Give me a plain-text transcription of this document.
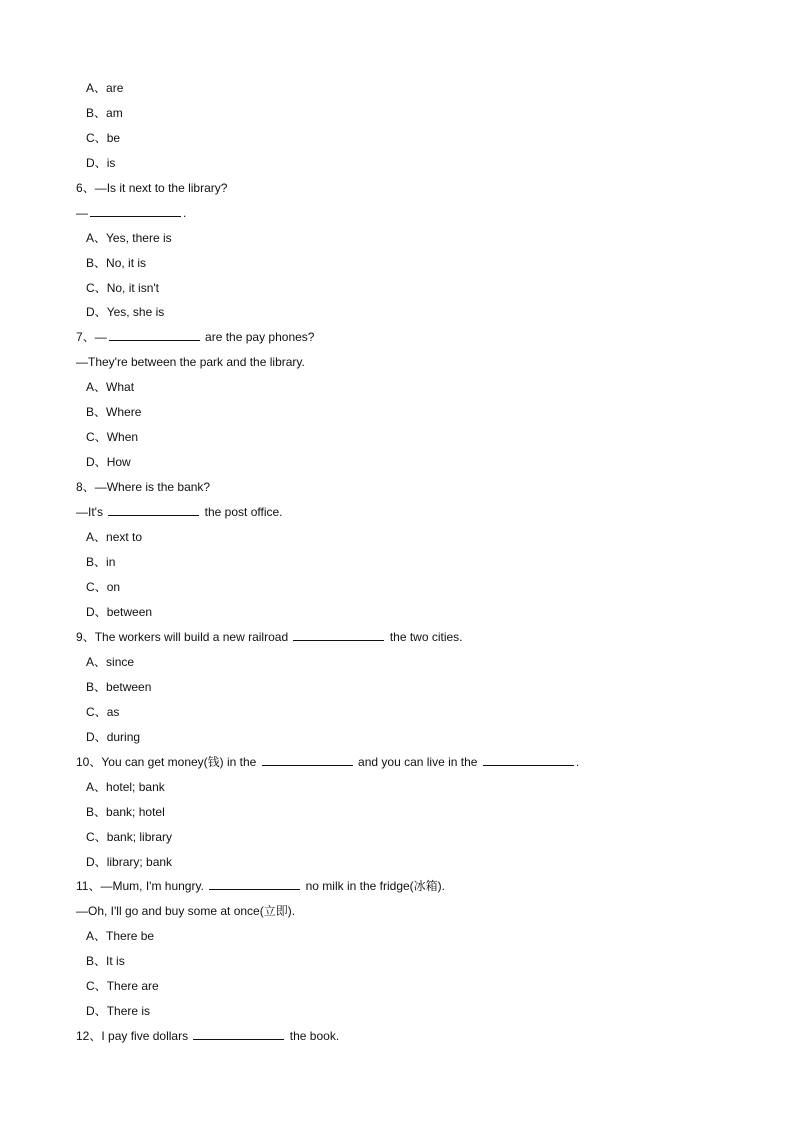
A、are
B、am
C、be
D、is
6、—Is it next to the library?
—	.
A、Yes, there is
B、No, it is
C、No, it isn't
D、Yes, she is
7、—	are the pay phones?
—They're between the park and the library.
A、What
B、Where
C、When
D、How
8、—Where is the bank?
—It's	the post office.
A、next to
B、in
C、on
D、between
9、The workers will build a new railroad	the two cities.
A、since
B、between
C、as
D、during
10、You can get money(钱) in the	and you can live in the	.
A、hotel; bank
B、bank; hotel
C、bank; library
D、library; bank
11、—Mum, I'm hungry.	no milk in the fridge(冰箱).
—Oh, I'll go and buy some at once(立即).
A、There be
B、It is
C、There are
D、There is
12、I pay five dollars	the book.
